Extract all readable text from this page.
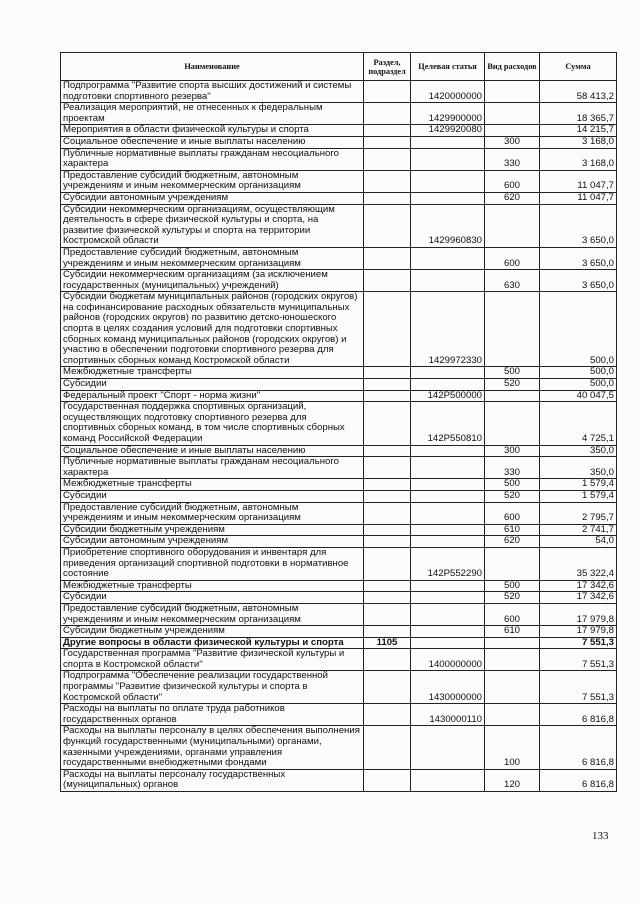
Наименование	Раздел, подраздел	Целевая статья	Вид расходов	Сумма
Подпрограмма "Развитие спорта высших достижений и системы подготовки спортивного резерва"		1420000000		58 413,2
Реализация мероприятий, не отнесенных к федеральным проектам		1429900000		18 365,7
Мероприятия в области физической культуры и спорта		1429920080		14 215,7
Социальное обеспечение и иные выплаты населению			300	3 168,0
Публичные нормативные выплаты гражданам несоциального характера			330	3 168,0
Предоставление субсидий бюджетным, автономным учреждениям и иным некоммерческим организациям			600	11 047,7
Субсидии автономным учреждениям			620	11 047,7
Субсидии некоммерческим организациям, осуществляющим деятельность в сфере физической культуры и спорта, на развитие физической культуры и спорта на территории Костромской области		1429960830		3 650,0
Предоставление субсидий бюджетным, автономным учреждениям и иным некоммерческим организациям			600	3 650,0
Субсидии некоммерческим организациям (за исключением государственных (муниципальных) учреждений)			630	3 650,0
Субсидии бюджетам муниципальных районов (городских округов) на софинансирование расходных обязательств муниципальных районов (городских округов) по развитию детско-юношеского спорта в целях создания условий для подготовки спортивных сборных команд муниципальных районов (городских округов) и участию в обеспечении подготовки спортивного резерва для спортивных сборных команд Костромской области		1429972330		500,0
Межбюджетные трансферты			500	500,0
Субсидии			520	500,0
Федеральный проект "Спорт - норма жизни"		142P500000		40 047,5
Государственная поддержка спортивных организаций, осуществляющих подготовку спортивного резерва для спортивных сборных команд, в том числе спортивных сборных команд Российской Федерации		142P550810		4 725,1
Социальное обеспечение и иные выплаты населению			300	350,0
Публичные нормативные выплаты гражданам несоциального характера			330	350,0
Межбюджетные трансферты			500	1 579,4
Субсидии			520	1 579,4
Предоставление субсидий бюджетным, автономным учреждениям и иным некоммерческим организациям			600	2 795,7
Субсидии бюджетным учреждениям			610	2 741,7
Субсидии автономным учреждениям			620	54,0
Приобретение спортивного оборудования и инвентаря для приведения организаций спортивной подготовки в нормативное состояние		142P552290		35 322,4
Межбюджетные трансферты			500	17 342,6
Субсидии			520	17 342,6
Предоставление субсидий бюджетным, автономным учреждениям и иным некоммерческим организациям			600	17 979,8
Субсидии бюджетным учреждениям			610	17 979,8
Другие вопросы в области физической культуры и спорта	1105			7 551,3
Государственная программа "Развитие физической культуры и спорта в Костромской области"		1400000000		7 551,3
Подпрограмма "Обеспечение реализации государственной программы "Развитие физической культуры и спорта в Костромской области"		1430000000		7 551,3
Расходы на выплаты по оплате труда работников государственных органов		1430000110		6 816,8
Расходы на выплаты персоналу в целях обеспечения выполнения функций государственными (муниципальными) органами, казенными учреждениями, органами управления государственными внебюджетными фондами			100	6 816,8
Расходы на выплаты персоналу государственных (муниципальных) органов			120	6 816,8
133
